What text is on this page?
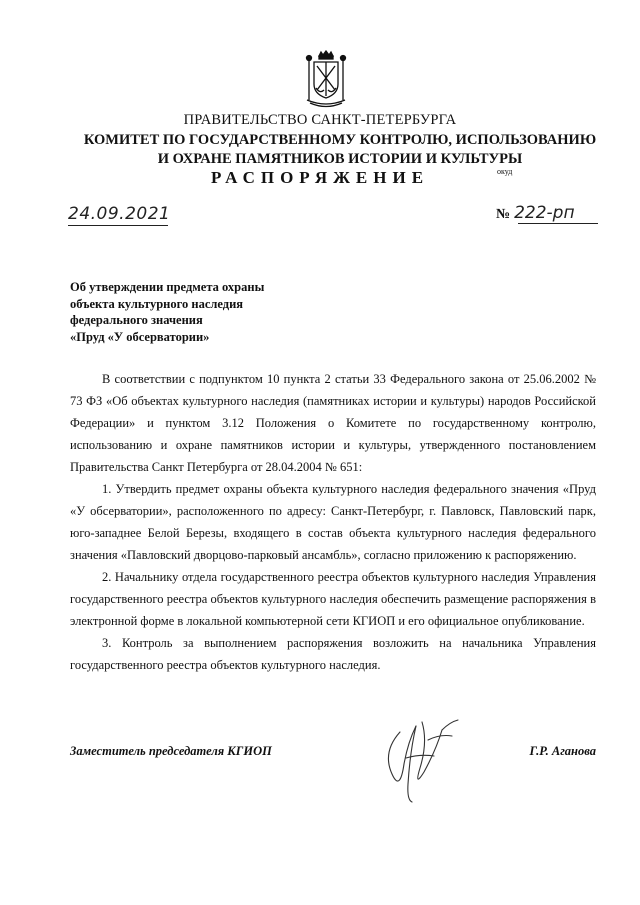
ПРАВИТЕЛЬСТВО САНКТ-ПЕТЕРБУРГА
КОМИТЕТ ПО ГОСУДАРСТВЕННОМУ КОНТРОЛЮ, ИСПОЛЬЗОВАНИЮ
И ОХРАНЕ ПАМЯТНИКОВ ИСТОРИИ И КУЛЬТУРЫ
РАСПОРЯЖЕНИЕ	окуд
24.09.2021	№ 222-рп
Об утверждении предмета охраны
объекта культурного наследия
федерального значения
«Пруд «У обсерватории»

В соответствии с подпунктом 10 пункта 2 статьи 33 Федерального закона от 25.06.2002 № 73 ФЗ «Об объектах культурного наследия (памятниках истории и культуры) народов Российской Федерации» и пунктом 3.12 Положения о Комитете по государственному контролю, использованию и охране памятников истории и культуры, утвержденного постановлением Правительства Санкт Петербурга от 28.04.2004 № 651:

1. Утвердить предмет охраны объекта культурного наследия федерального значения «Пруд «У обсерватории», расположенного по адресу: Санкт-Петербург, г. Павловск, Павловский парк, юго-западнее Белой Березы, входящего в состав объекта культурного наследия федерального значения «Павловский дворцово-парковый ансамбль», согласно приложению к распоряжению.

2. Начальнику отдела государственного реестра объектов культурного наследия Управления государственного реестра объектов культурного наследия обеспечить размещение распоряжения в электронной форме в локальной компьютерной сети КГИОП и его официальное опубликование.

3. Контроль за выполнением распоряжения возложить на начальника Управления государственного реестра объектов культурного наследия.

Заместитель председателя КГИОП	Г.Р. Аганова
